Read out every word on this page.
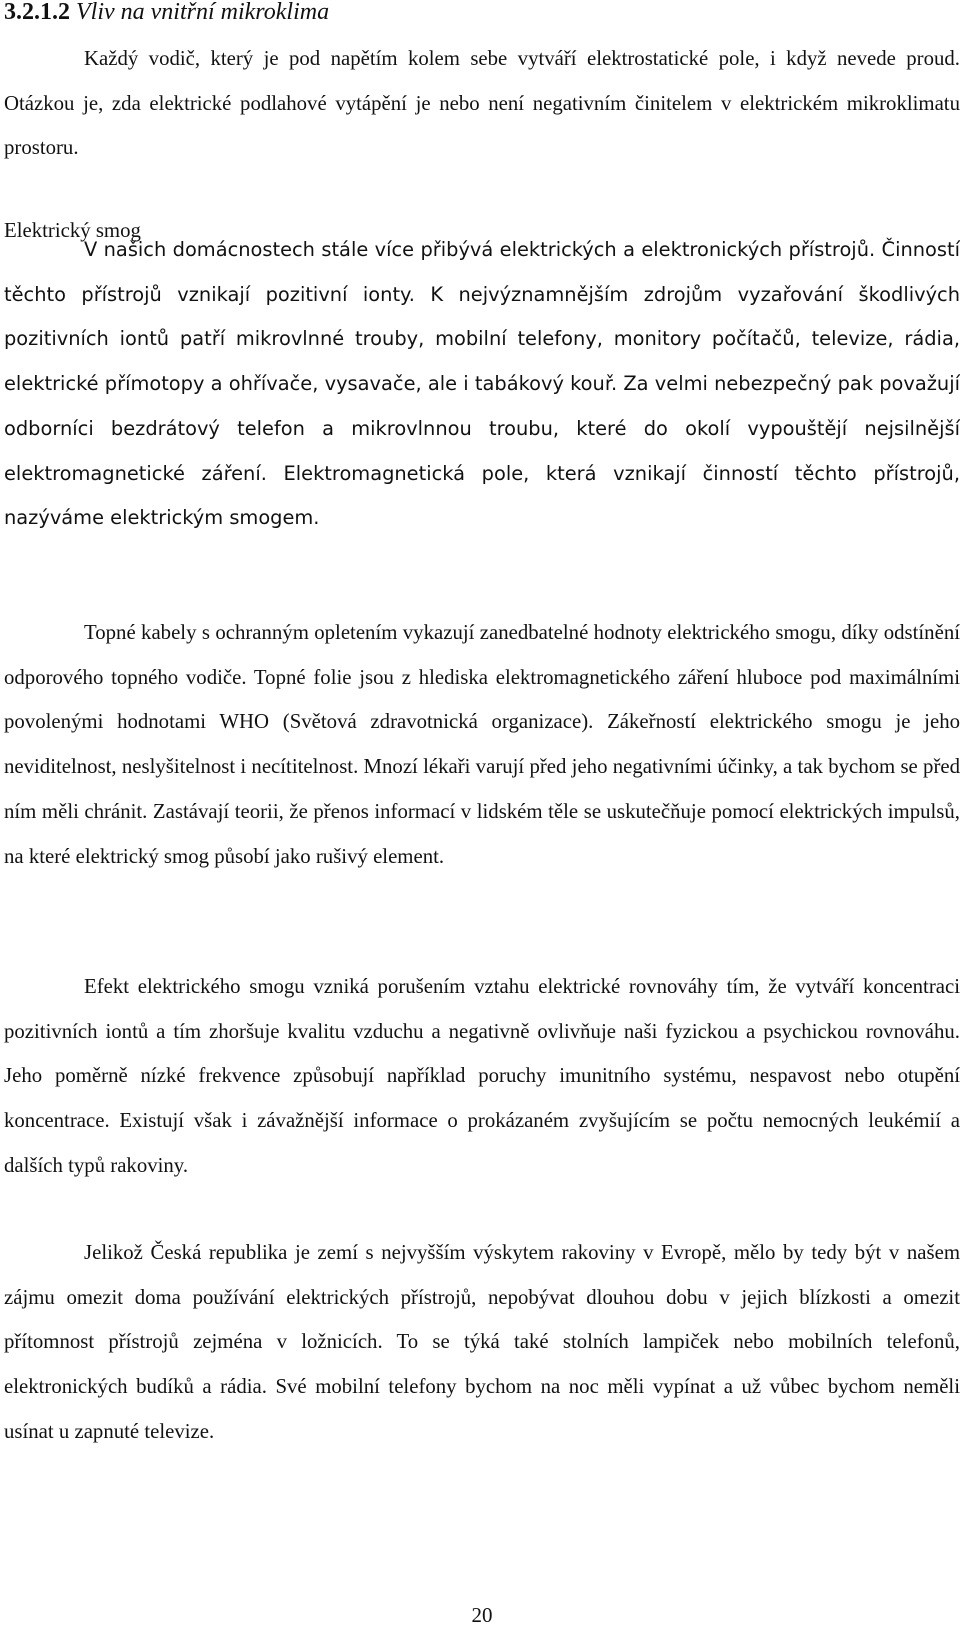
3.2.1.2 Vliv na vnitřní mikroklima

Každý vodič, který je pod napětím kolem sebe vytváří elektrostatické pole, i když nevede proud. Otázkou je, zda elektrické podlahové vytápění je nebo není negativním činitelem v elektrickém mikroklimatu prostoru.

Elektrický smog

V našich domácnostech stále více přibývá elektrických a elektronických přístrojů. Činností těchto přístrojů vznikají pozitivní ionty. K nejvýznamnějším zdrojům vyzařování škodlivých pozitivních iontů patří mikrovlnné trouby, mobilní telefony, monitory počítačů, televize, rádia, elektrické přímotopy a ohřívače, vysavače, ale i tabákový kouř. Za velmi nebezpečný pak považují odborníci bezdrátový telefon a mikrovlnnou troubu, které do okolí vypouštějí nejsilnější elektromagnetické záření. Elektromagnetická pole, která vznikají činností těchto přístrojů, nazýváme elektrickým smogem.

Topné kabely s ochranným opletením vykazují zanedbatelné hodnoty elektrického smogu, díky odstínění odporového topného vodiče. Topné folie jsou z hlediska elektromagnetického záření hluboce pod maximálními povolenými hodnotami WHO (Světová zdravotnická organizace). Zákeřností elektrického smogu je jeho neviditelnost, neslyšitelnost i necítitelnost. Mnozí lékaři varují před jeho negativními účinky, a tak bychom se před ním měli chránit. Zastávají teorii, že přenos informací v lidském těle se uskutečňuje pomocí elektrických impulsů, na které elektrický smog působí jako rušivý element.

Efekt elektrického smogu vzniká porušením vztahu elektrické rovnováhy tím, že vytváří koncentraci pozitivních iontů a tím zhoršuje kvalitu vzduchu a negativně ovlivňuje naši fyzickou a psychickou rovnováhu. Jeho poměrně nízké frekvence způsobují například poruchy imunitního systému, nespavost nebo otupění koncentrace. Existují však i závažnější informace o prokázaném zvyšujícím se počtu nemocných leukémií a dalších typů rakoviny.

Jelikož Česká republika je zemí s nejvyšším výskytem rakoviny v Evropě, mělo by tedy být v našem zájmu omezit doma používání elektrických přístrojů, nepobývat dlouhou dobu v jejich blízkosti a omezit přítomnost přístrojů zejména v ložnicích. To se týká také stolních lampiček nebo mobilních telefonů, elektronických budíků a rádia. Své mobilní telefony bychom na noc měli vypínat a už vůbec bychom neměli usínat u zapnuté televize.

20
